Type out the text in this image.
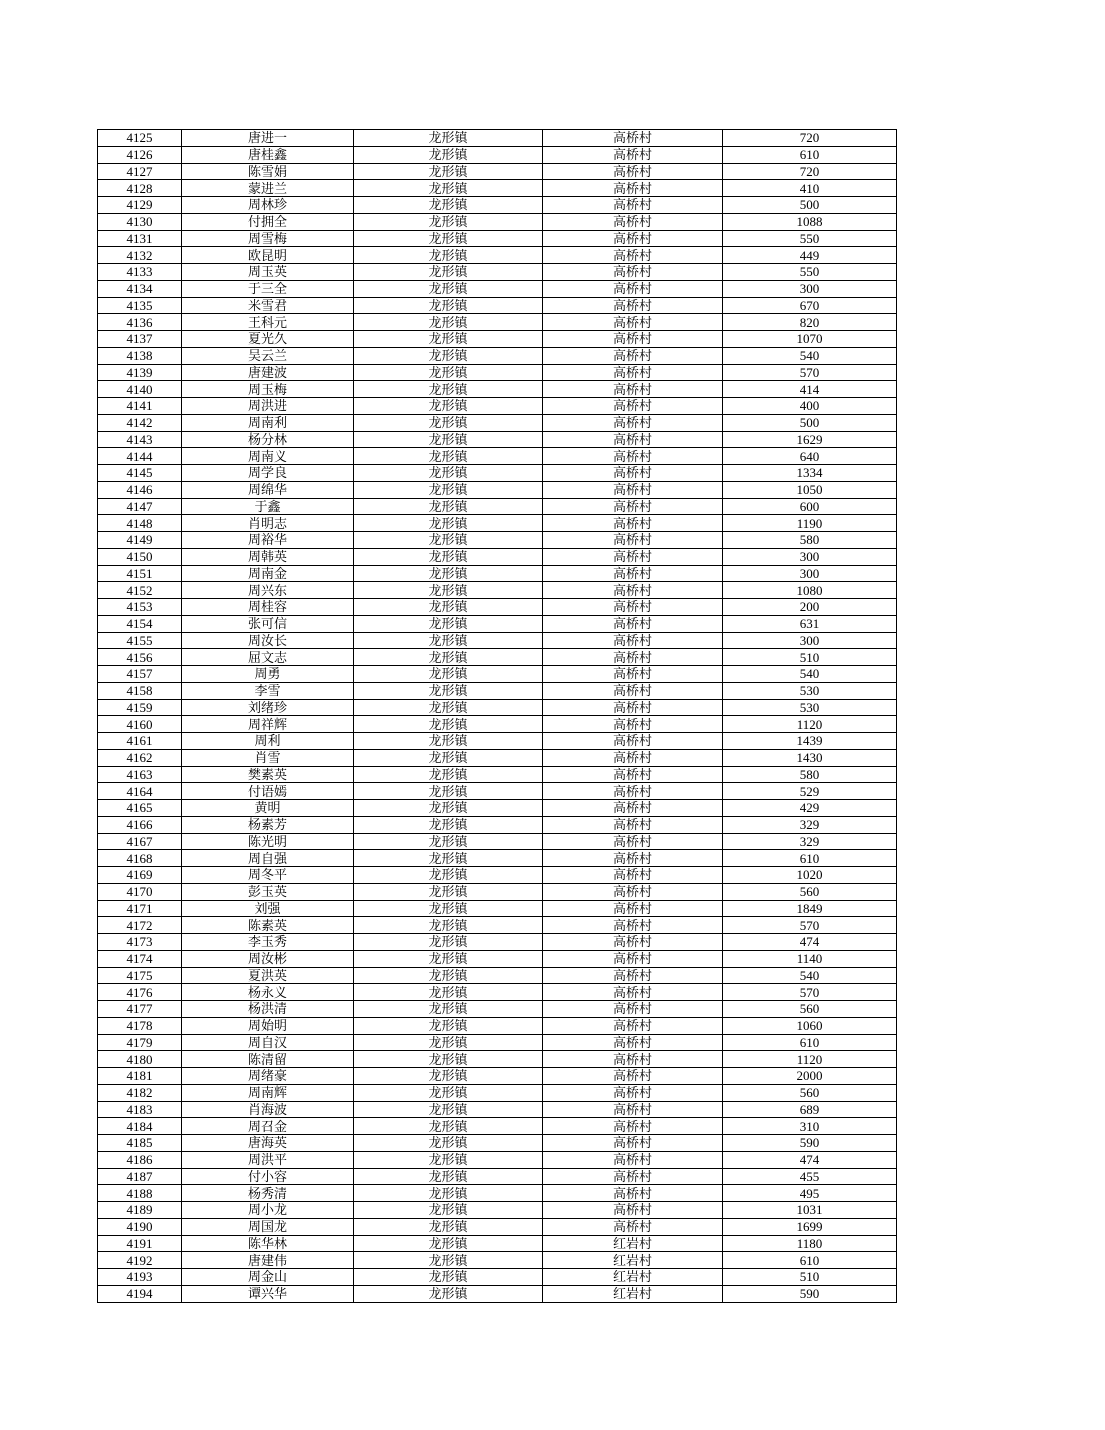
4125	唐进一	龙形镇	高桥村	720
4126	唐桂鑫	龙形镇	高桥村	610
4127	陈雪娟	龙形镇	高桥村	720
4128	蒙进兰	龙形镇	高桥村	410
4129	周林珍	龙形镇	高桥村	500
4130	付拥全	龙形镇	高桥村	1088
4131	周雪梅	龙形镇	高桥村	550
4132	欧昆明	龙形镇	高桥村	449
4133	周玉英	龙形镇	高桥村	550
4134	于三全	龙形镇	高桥村	300
4135	米雪君	龙形镇	高桥村	670
4136	王科元	龙形镇	高桥村	820
4137	夏光久	龙形镇	高桥村	1070
4138	吴云兰	龙形镇	高桥村	540
4139	唐建波	龙形镇	高桥村	570
4140	周玉梅	龙形镇	高桥村	414
4141	周洪进	龙形镇	高桥村	400
4142	周南利	龙形镇	高桥村	500
4143	杨分林	龙形镇	高桥村	1629
4144	周南义	龙形镇	高桥村	640
4145	周学良	龙形镇	高桥村	1334
4146	周绵华	龙形镇	高桥村	1050
4147	于鑫	龙形镇	高桥村	600
4148	肖明志	龙形镇	高桥村	1190
4149	周裕华	龙形镇	高桥村	580
4150	周韩英	龙形镇	高桥村	300
4151	周南金	龙形镇	高桥村	300
4152	周兴东	龙形镇	高桥村	1080
4153	周桂容	龙形镇	高桥村	200
4154	张可信	龙形镇	高桥村	631
4155	周汝长	龙形镇	高桥村	300
4156	屈文志	龙形镇	高桥村	510
4157	周勇	龙形镇	高桥村	540
4158	李雪	龙形镇	高桥村	530
4159	刘绪珍	龙形镇	高桥村	530
4160	周祥辉	龙形镇	高桥村	1120
4161	周利	龙形镇	高桥村	1439
4162	肖雪	龙形镇	高桥村	1430
4163	樊素英	龙形镇	高桥村	580
4164	付语嫣	龙形镇	高桥村	529
4165	黄明	龙形镇	高桥村	429
4166	杨素芳	龙形镇	高桥村	329
4167	陈光明	龙形镇	高桥村	329
4168	周自强	龙形镇	高桥村	610
4169	周冬平	龙形镇	高桥村	1020
4170	彭玉英	龙形镇	高桥村	560
4171	刘强	龙形镇	高桥村	1849
4172	陈素英	龙形镇	高桥村	570
4173	李玉秀	龙形镇	高桥村	474
4174	周汝彬	龙形镇	高桥村	1140
4175	夏洪英	龙形镇	高桥村	540
4176	杨永义	龙形镇	高桥村	570
4177	杨洪清	龙形镇	高桥村	560
4178	周始明	龙形镇	高桥村	1060
4179	周自汉	龙形镇	高桥村	610
4180	陈清留	龙形镇	高桥村	1120
4181	周绪豪	龙形镇	高桥村	2000
4182	周南辉	龙形镇	高桥村	560
4183	肖海波	龙形镇	高桥村	689
4184	周召金	龙形镇	高桥村	310
4185	唐海英	龙形镇	高桥村	590
4186	周洪平	龙形镇	高桥村	474
4187	付小容	龙形镇	高桥村	455
4188	杨秀清	龙形镇	高桥村	495
4189	周小龙	龙形镇	高桥村	1031
4190	周国龙	龙形镇	高桥村	1699
4191	陈华林	龙形镇	红岩村	1180
4192	唐建伟	龙形镇	红岩村	610
4193	周金山	龙形镇	红岩村	510
4194	谭兴华	龙形镇	红岩村	590
